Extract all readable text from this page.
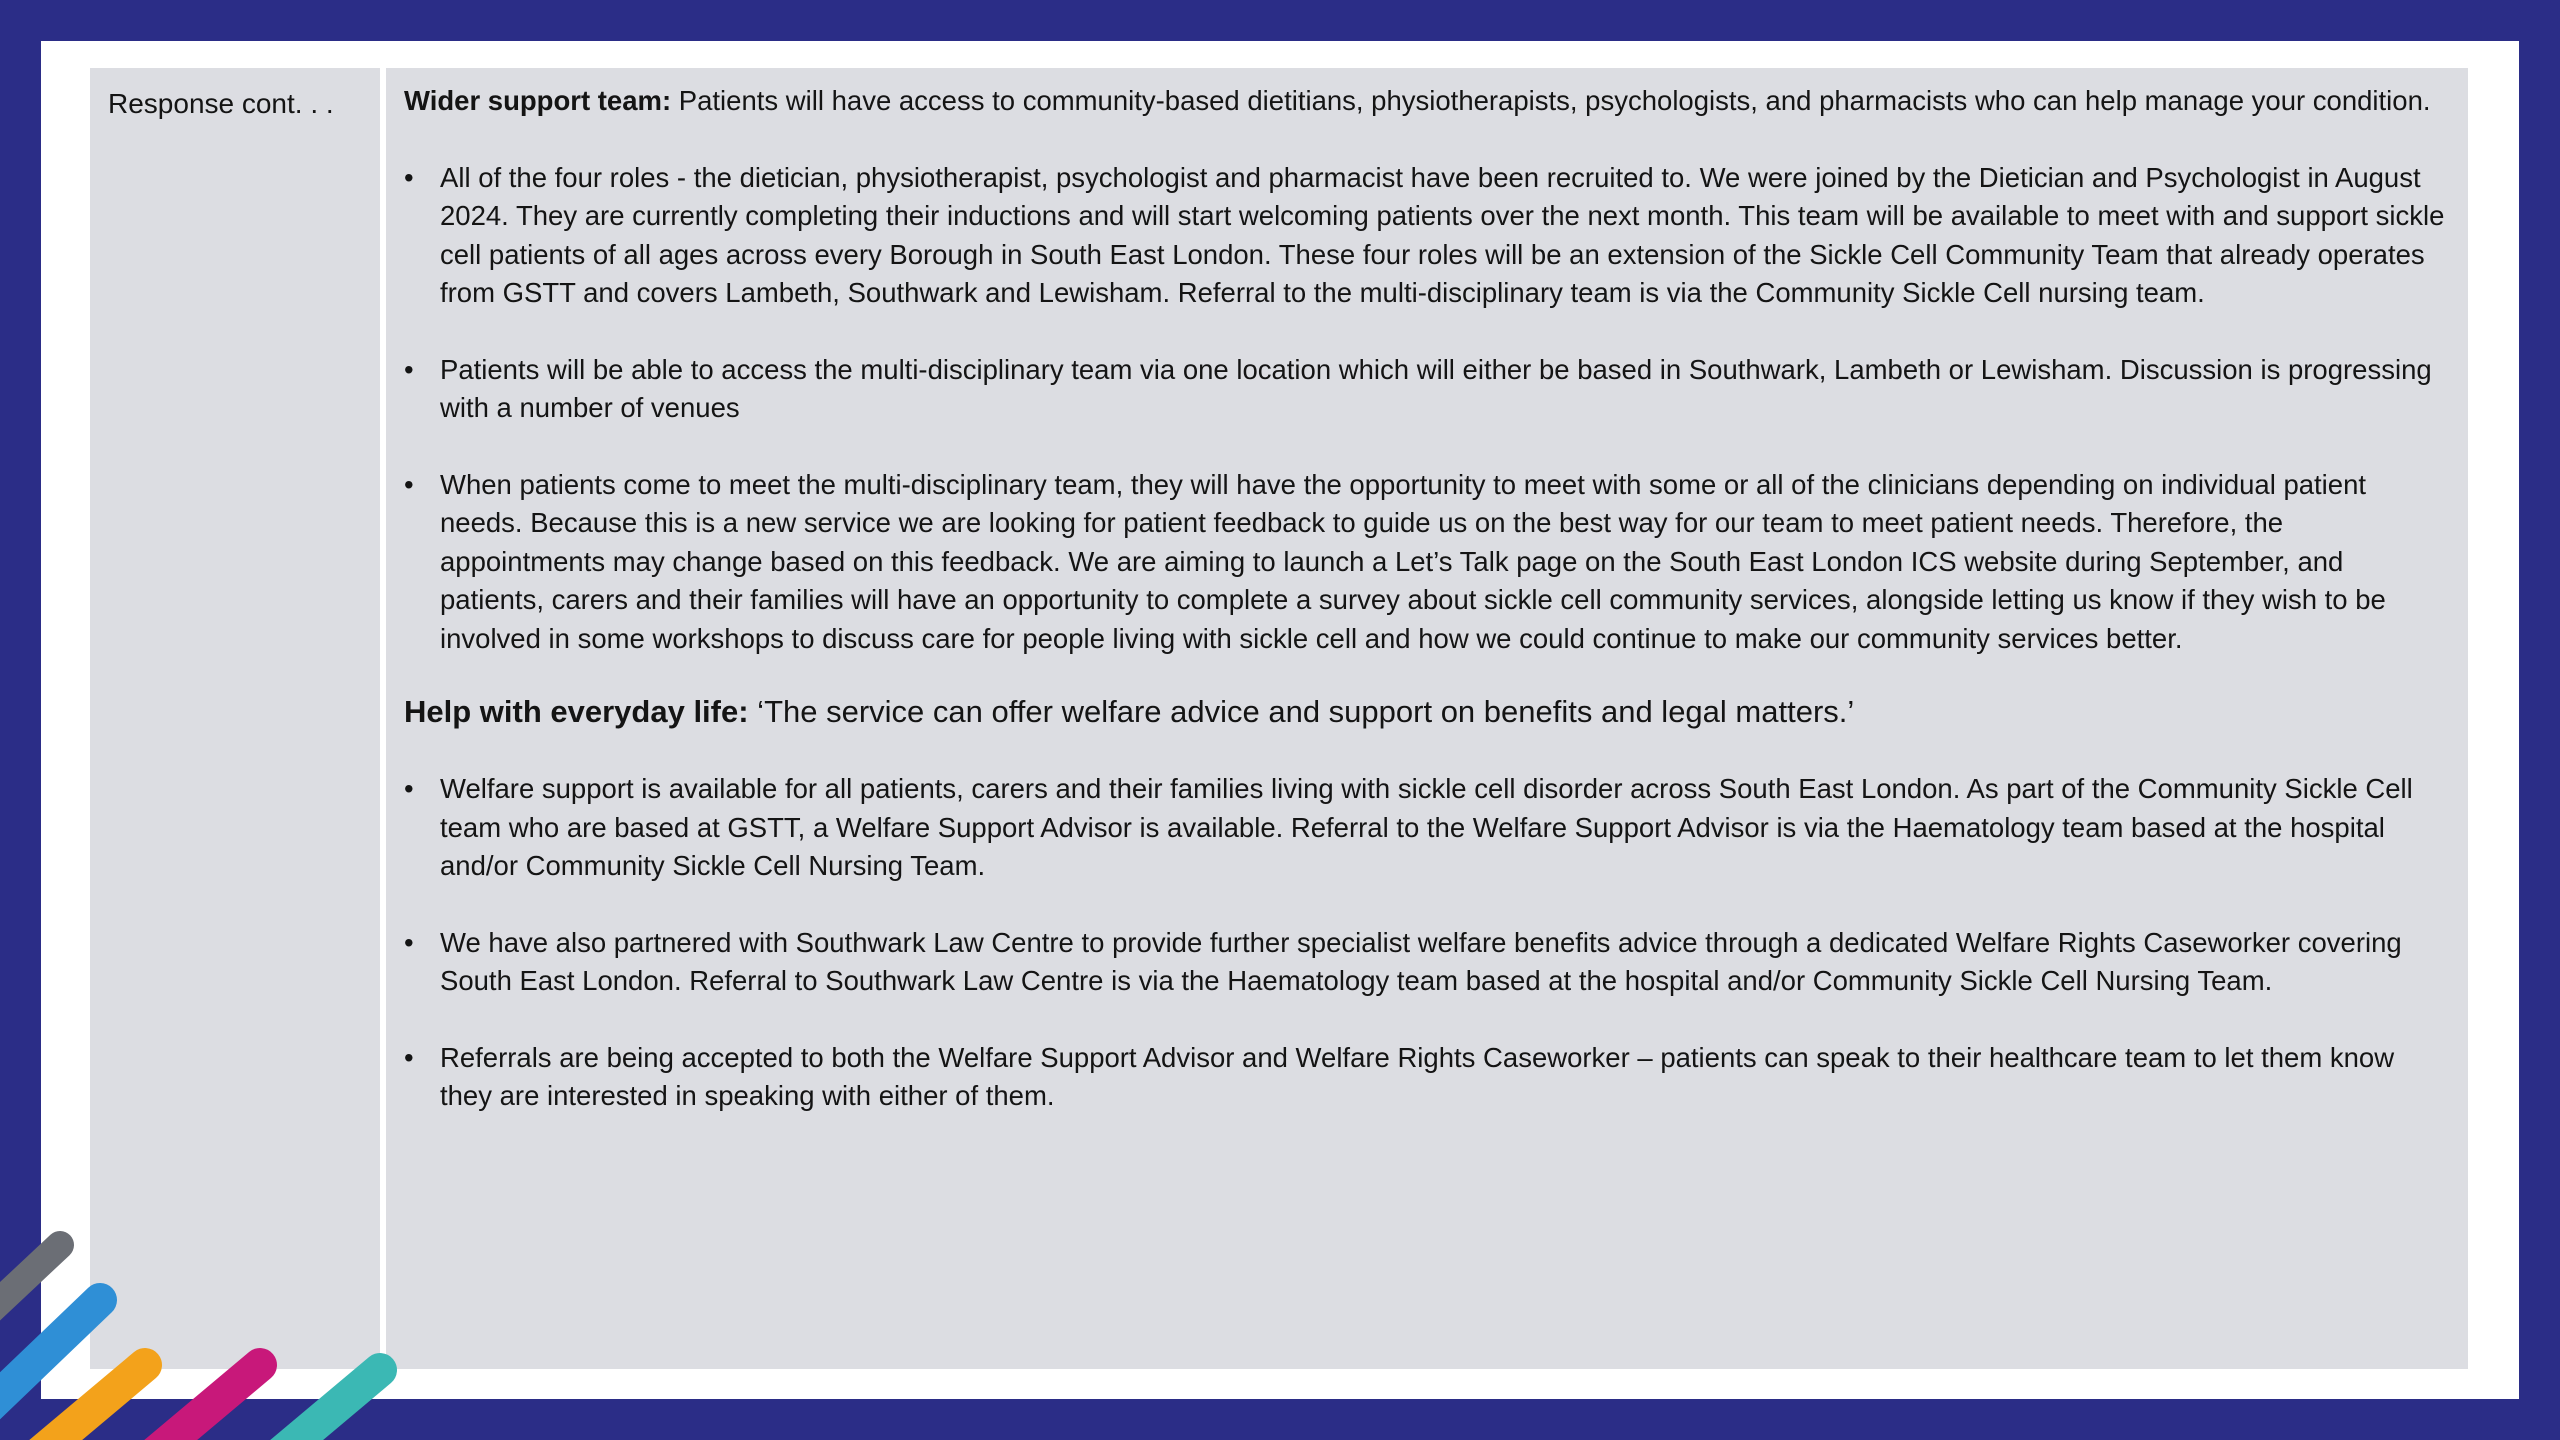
Response cont. . .	Wider support team: Patients will have access to community-based dietitians, physiotherapists, psychologists, and pharmacists who can help manage your condition.

• All of the four roles - the dietician, physiotherapist, psychologist and pharmacist have been recruited to. We were joined by the Dietician and Psychologist in August 2024. They are currently completing their inductions and will start welcoming patients over the next month. This team will be available to meet with and support sickle cell patients of all ages across every Borough in South East London. These four roles will be an extension of the Sickle Cell Community Team that already operates from GSTT and covers Lambeth, Southwark and Lewisham. Referral to the multi-disciplinary team is via the Community Sickle Cell nursing team.
• Patients will be able to access the multi-disciplinary team via one location which will either be based in Southwark, Lambeth or Lewisham. Discussion is progressing with a number of venues
• When patients come to meet the multi-disciplinary team, they will have the opportunity to meet with some or all of the clinicians depending on individual patient needs. Because this is a new service we are looking for patient feedback to guide us on the best way for our team to meet patient needs. Therefore, the appointments may change based on this feedback. We are aiming to launch a Let’s Talk page on the South East London ICS website during September, and patients, carers and their families will have an opportunity to complete a survey about sickle cell community services, alongside letting us know if they wish to be involved in some workshops to discuss care for people living with sickle cell and how we could continue to make our community services better.

Help with everyday life: ‘The service can offer welfare advice and support on benefits and legal matters.’

• Welfare support is available for all patients, carers and their families living with sickle cell disorder across South East London. As part of the Community Sickle Cell team who are based at GSTT, a Welfare Support Advisor is available. Referral to the Welfare Support Advisor is via the Haematology team based at the hospital and/or Community Sickle Cell Nursing Team.
• We have also partnered with Southwark Law Centre to provide further specialist welfare benefits advice through a dedicated Welfare Rights Caseworker covering South East London. Referral to Southwark Law Centre is via the Haematology team based at the hospital and/or Community Sickle Cell Nursing Team.
• Referrals are being accepted to both the Welfare Support Advisor and Welfare Rights Caseworker – patients can speak to their healthcare team to let them know they are interested in speaking with either of them.
